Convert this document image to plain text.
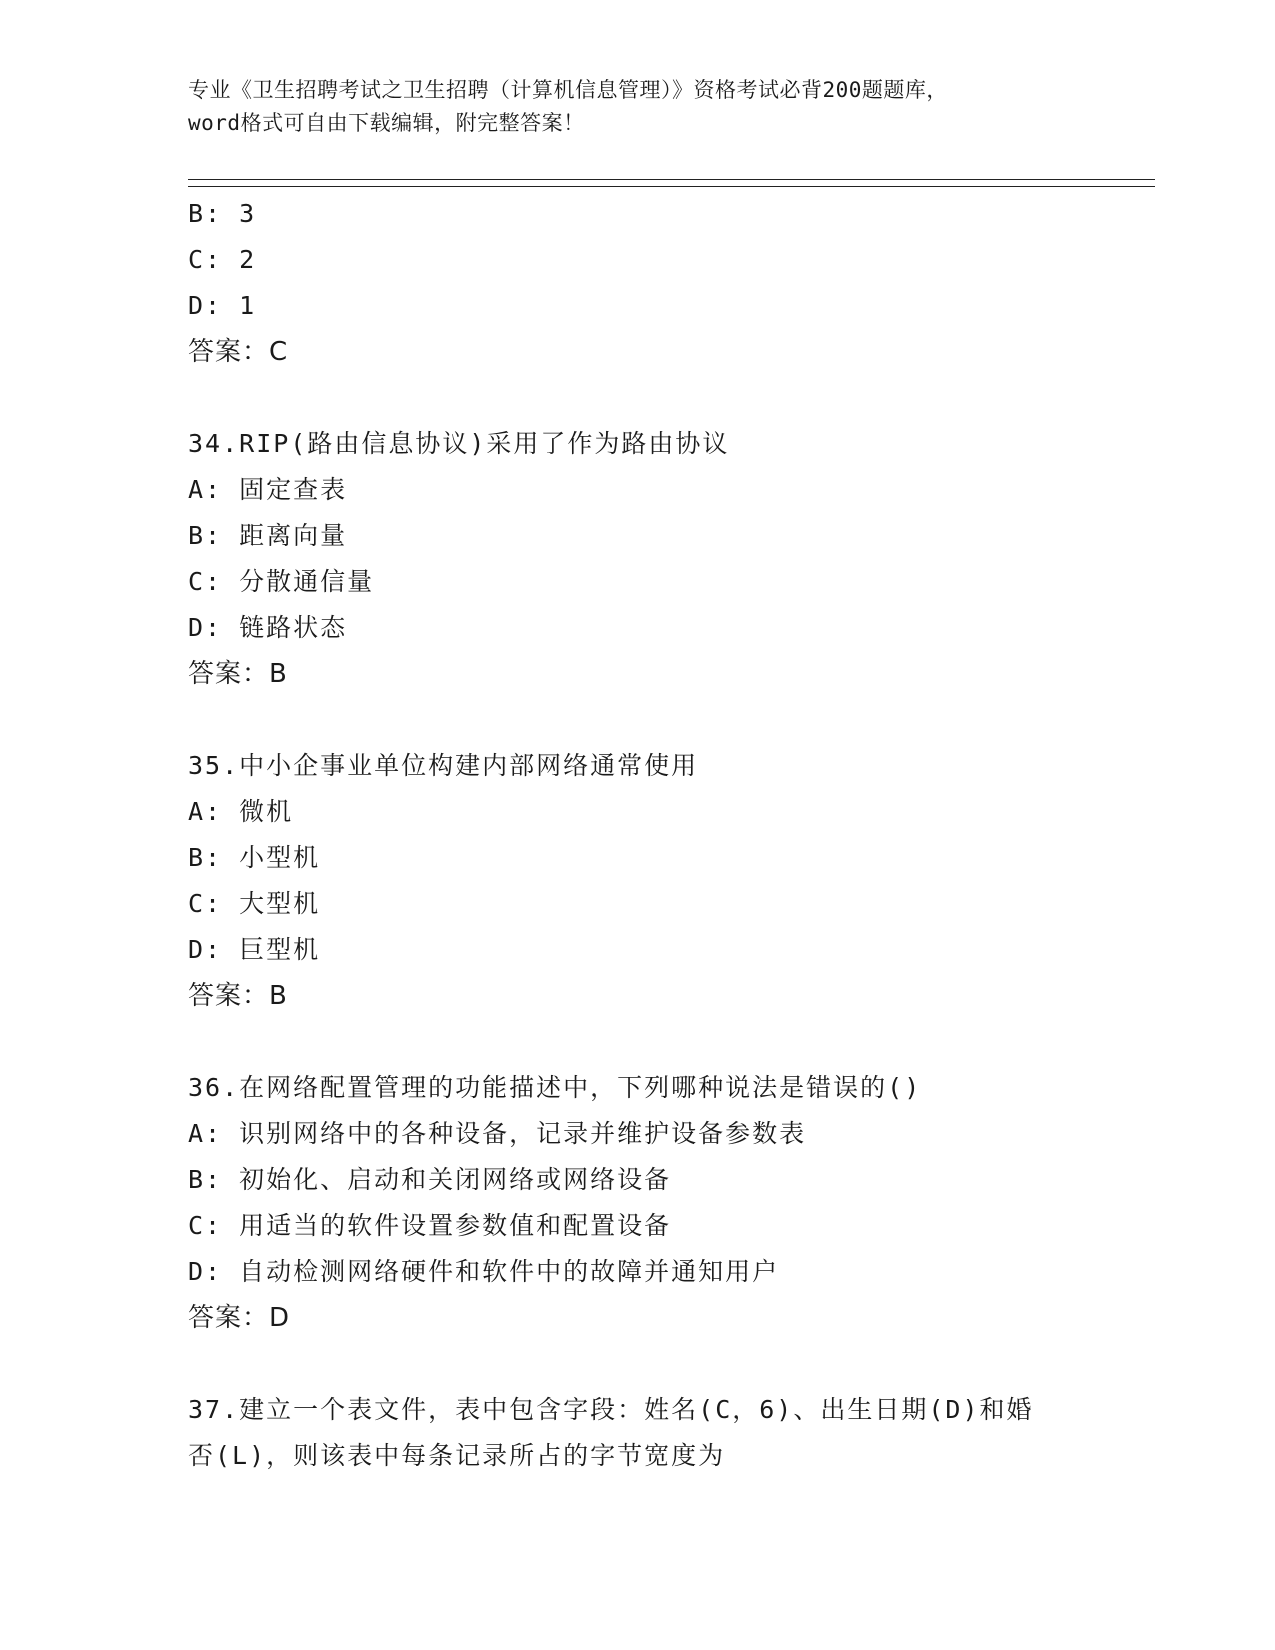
专业《卫生招聘考试之卫生招聘（计算机信息管理）》资格考试必背200题题库，
word格式可自由下载编辑，附完整答案！
B: 3
C: 2
D: 1
答案：C
34.RIP(路由信息协议)采用了作为路由协议
A: 固定查表
B: 距离向量
C: 分散通信量
D: 链路状态
答案：B
35.中小企事业单位构建内部网络通常使用
A: 微机
B: 小型机
C: 大型机
D: 巨型机
答案：B
36.在网络配置管理的功能描述中，下列哪种说法是错误的()
A: 识别网络中的各种设备，记录并维护设备参数表
B: 初始化、启动和关闭网络或网络设备
C: 用适当的软件设置参数值和配置设备
D: 自动检测网络硬件和软件中的故障并通知用户
答案：D
37.建立一个表文件，表中包含字段：姓名(C，6)、出生日期(D)和婚
否(L)，则该表中每条记录所占的字节宽度为
